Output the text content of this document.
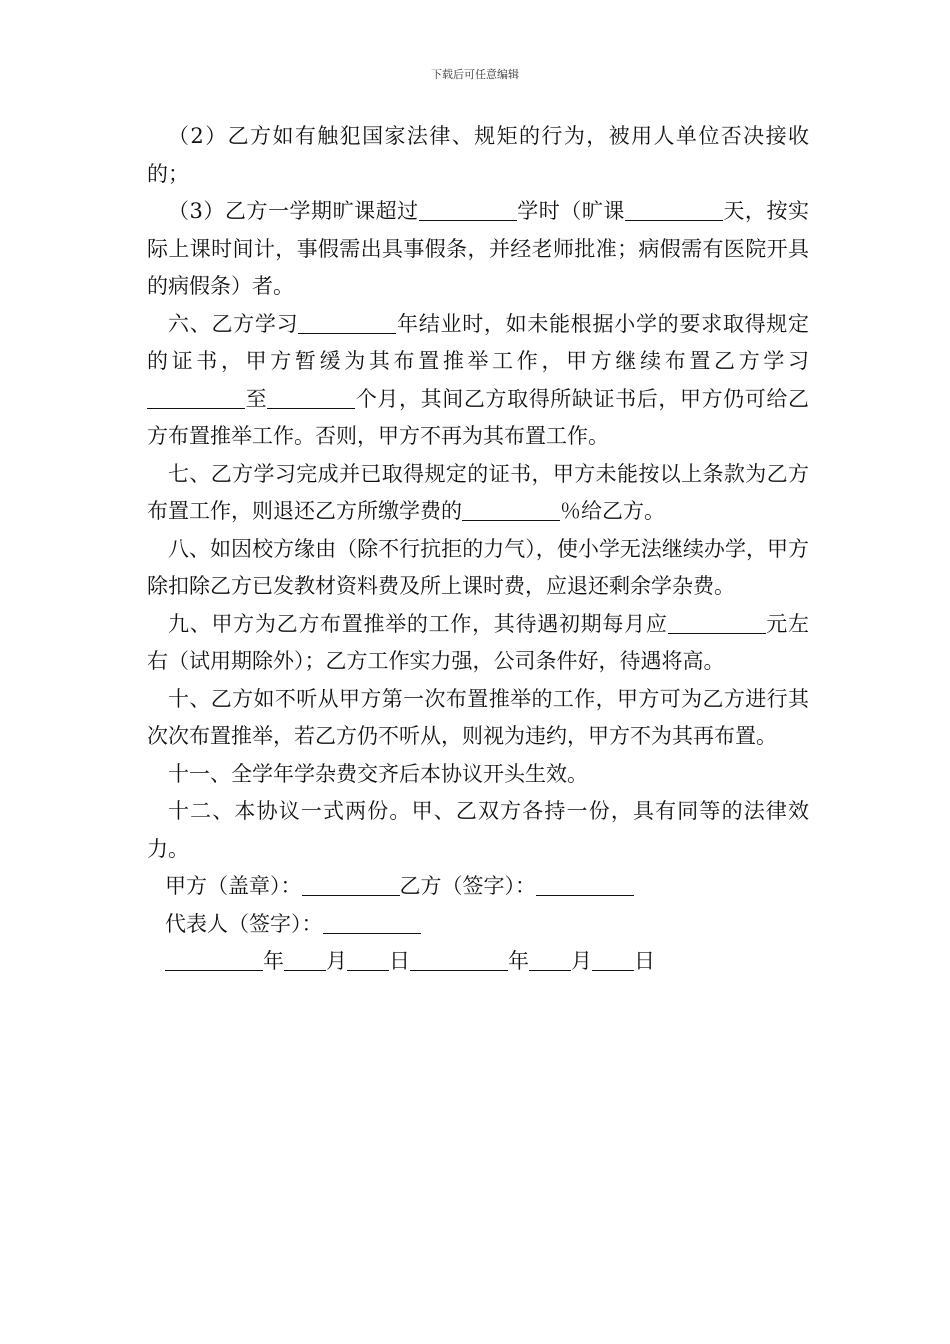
下载后可任意编辑

（2）乙方如有触犯国家法律、规矩的行为，被用人单位否决接收的；

（3）乙方一学期旷课超过	学时（旷课	天，按实际上课时间计，事假需出具事假条，并经老师批准；病假需有医院开具的病假条）者。

六、乙方学习	年结业时，如未能根据小学的要求取得规定的证书，甲方暂缓为其布置推举工作，甲方继续布置乙方学习至	个月，其间乙方取得所缺证书后，甲方仍可给乙方布置推举工作。否则，甲方不再为其布置工作。

七、乙方学习完成并已取得规定的证书，甲方未能按以上条款为乙方布置工作，则退还乙方所缴学费的	％给乙方。

八、如因校方缘由（除不行抗拒的力气），使小学无法继续办学，甲方除扣除乙方已发教材资料费及所上课时费，应退还剩余学杂费。

九、甲方为乙方布置推举的工作，其待遇初期每月应	元左右（试用期除外）；乙方工作实力强，公司条件好，待遇将高。

十、乙方如不听从甲方第一次布置推举的工作，甲方可为乙方进行其次次布置推举，若乙方仍不听从，则视为违约，甲方不为其再布置。

十一、全学年学杂费交齐后本协议开头生效。

十二、本协议一式两份。甲、乙双方各持一份，具有同等的法律效力。

甲方（盖章）：	乙方（签字）：

代表人（签字）：

年 月 日	年 月 日
